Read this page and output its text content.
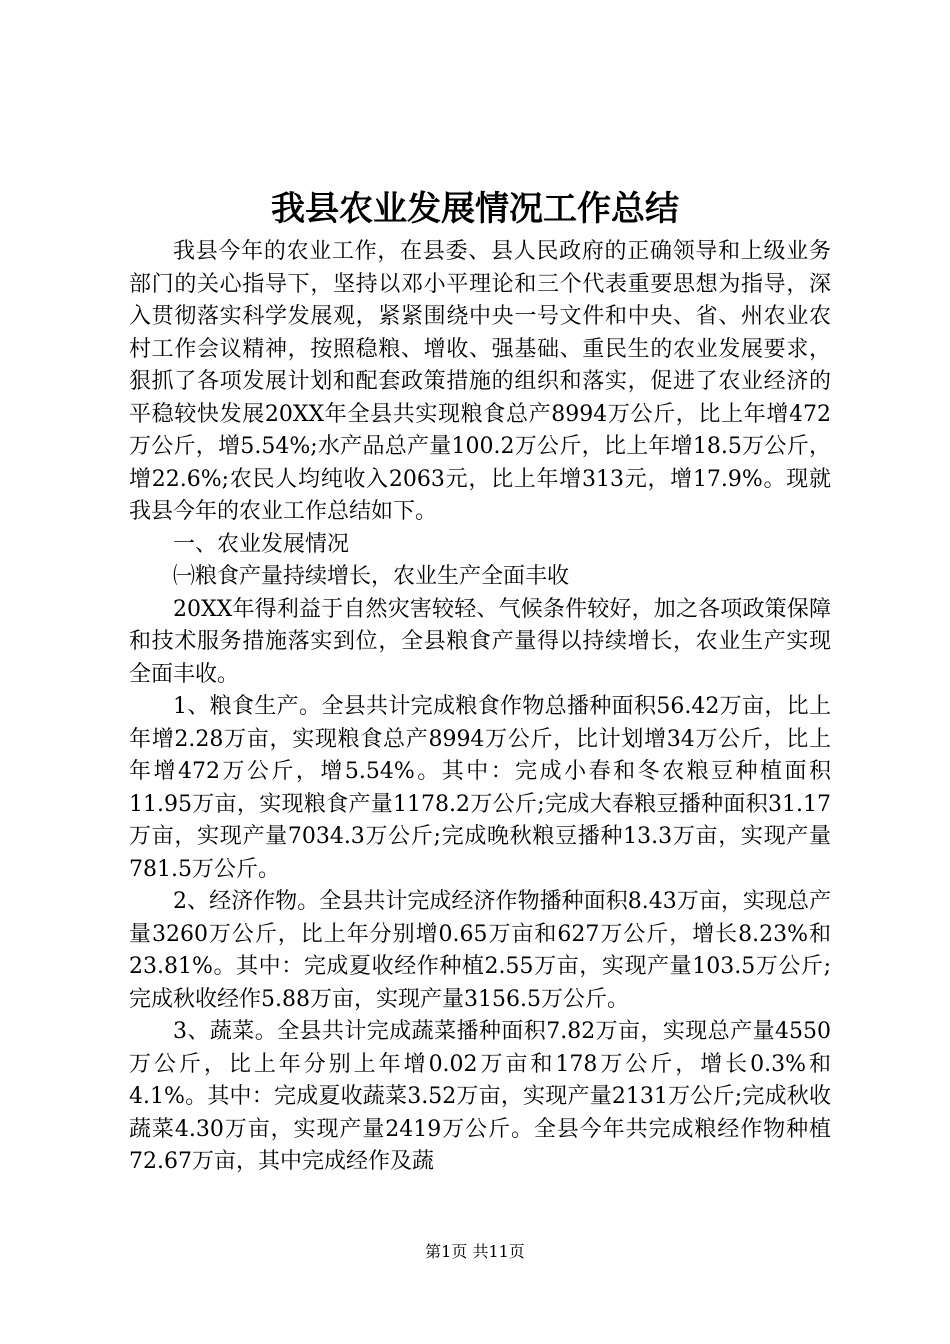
我县农业发展情况工作总结

我县今年的农业工作，在县委、县人民政府的正确领导和上级业务部门的关心指导下，坚持以邓小平理论和三个代表重要思想为指导，深入贯彻落实科学发展观，紧紧围绕中央一号文件和中央、省、州农业农村工作会议精神，按照稳粮、增收、强基础、重民生的农业发展要求，狠抓了各项发展计划和配套政策措施的组织和落实，促进了农业经济的平稳较快发展20XX年全县共实现粮食总产8994万公斤，比上年增472万公斤，增5.54%;水产品总产量100.2万公斤，比上年增18.5万公斤，增22.6%;农民人均纯收入2063元，比上年增313元，增17.9%。现就我县今年的农业工作总结如下。

一、农业发展情况

㈠粮食产量持续增长，农业生产全面丰收

20XX年得利益于自然灾害较轻、气候条件较好，加之各项政策保障和技术服务措施落实到位，全县粮食产量得以持续增长，农业生产实现全面丰收。

1、粮食生产。全县共计完成粮食作物总播种面积56.42万亩，比上年增2.28万亩，实现粮食总产8994万公斤，比计划增34万公斤，比上年增472万公斤，增5.54%。其中：完成小春和冬农粮豆种植面积11.95万亩，实现粮食产量1178.2万公斤;完成大春粮豆播种面积31.17万亩，实现产量7034.3万公斤;完成晚秋粮豆播种13.3万亩，实现产量781.5万公斤。

2、经济作物。全县共计完成经济作物播种面积8.43万亩，实现总产量3260万公斤，比上年分别增0.65万亩和627万公斤，增长8.23%和23.81%。其中：完成夏收经作种植2.55万亩，实现产量103.5万公斤;完成秋收经作5.88万亩，实现产量3156.5万公斤。

3、蔬菜。全县共计完成蔬菜播种面积7.82万亩，实现总产量4550万公斤，比上年分别上年增0.02万亩和178万公斤，增长0.3%和4.1%。其中：完成夏收蔬菜3.52万亩，实现产量2131万公斤;完成秋收蔬菜4.30万亩，实现产量2419万公斤。全县今年共完成粮经作物种植72.67万亩，其中完成经作及蔬

第1页 共11页
